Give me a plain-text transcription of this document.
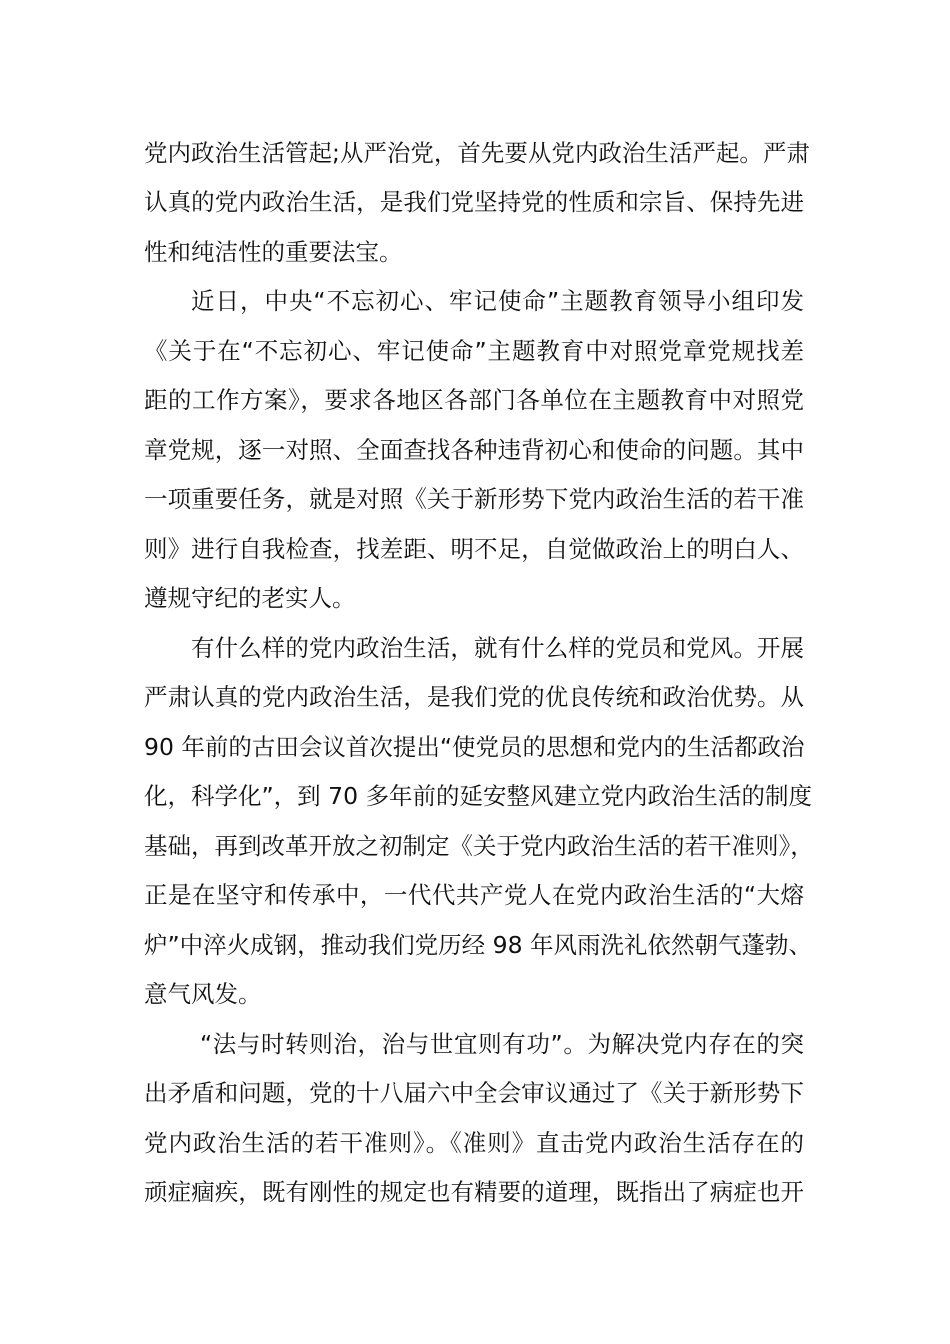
党内政治生活管起;从严治党，首先要从党内政治生活严起。严肃
认真的党内政治生活，是我们党坚持党的性质和宗旨、保持先进
性和纯洁性的重要法宝。
近日，中央“不忘初心、牢记使命”主题教育领导小组印发
《关于在“不忘初心、牢记使命”主题教育中对照党章党规找差
距的工作方案》，要求各地区各部门各单位在主题教育中对照党
章党规，逐一对照、全面查找各种违背初心和使命的问题。其中
一项重要任务，就是对照《关于新形势下党内政治生活的若干准
则》进行自我检查，找差距、明不足，自觉做政治上的明白人、
遵规守纪的老实人。
有什么样的党内政治生活，就有什么样的党员和党风。开展
严肃认真的党内政治生活，是我们党的优良传统和政治优势。从
90 年前的古田会议首次提出“使党员的思想和党内的生活都政治
化，科学化”，到 70 多年前的延安整风建立党内政治生活的制度
基础，再到改革开放之初制定《关于党内政治生活的若干准则》，
正是在坚守和传承中，一代代共产党人在党内政治生活的“大熔
炉”中淬火成钢，推动我们党历经 98 年风雨洗礼依然朝气蓬勃、
意气风发。
“法与时转则治，治与世宜则有功”。为解决党内存在的突
出矛盾和问题，党的十八届六中全会审议通过了《关于新形势下
党内政治生活的若干准则》。《准则》直击党内政治生活存在的
顽症痼疾，既有刚性的规定也有精要的道理，既指出了病症也开
